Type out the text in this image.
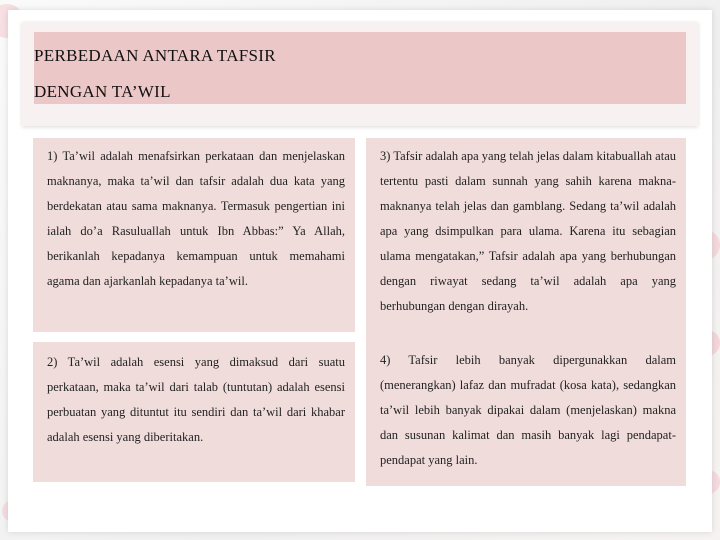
PERBEDAAN ANTARA TAFSIR
DENGAN TA’WIL

1) Ta’wil adalah menafsirkan perkataan dan menjelaskan maknanya, maka ta’wil dan tafsir adalah dua kata yang berdekatan atau sama maknanya. Termasuk pengertian ini ialah do’a Rasuluallah untuk Ibn Abbas:” Ya Allah, berikanlah kepadanya kemampuan untuk memahami agama dan ajarkanlah kepadanya ta’wil.

3) Tafsir adalah apa yang telah jelas dalam kitabuallah atau tertentu pasti dalam sunnah yang sahih karena makna-maknanya telah jelas dan gamblang. Sedang ta’wil adalah apa yang dsimpulkan para ulama. Karena itu sebagian ulama mengatakan,” Tafsir adalah apa yang berhubungan dengan riwayat sedang ta’wil adalah apa yang berhubungan dengan dirayah.

2) Ta’wil adalah esensi yang dimaksud dari suatu perkataan, maka ta’wil dari talab (tuntutan) adalah esensi perbuatan yang dituntut itu sendiri dan ta’wil dari khabar adalah esensi yang diberitakan.

4) Tafsir lebih banyak dipergunakkan dalam (menerangkan) lafaz dan mufradat (kosa kata), sedangkan ta’wil lebih banyak dipakai dalam (menjelaskan) makna dan susunan kalimat dan masih banyak lagi pendapat-pendapat yang lain.
